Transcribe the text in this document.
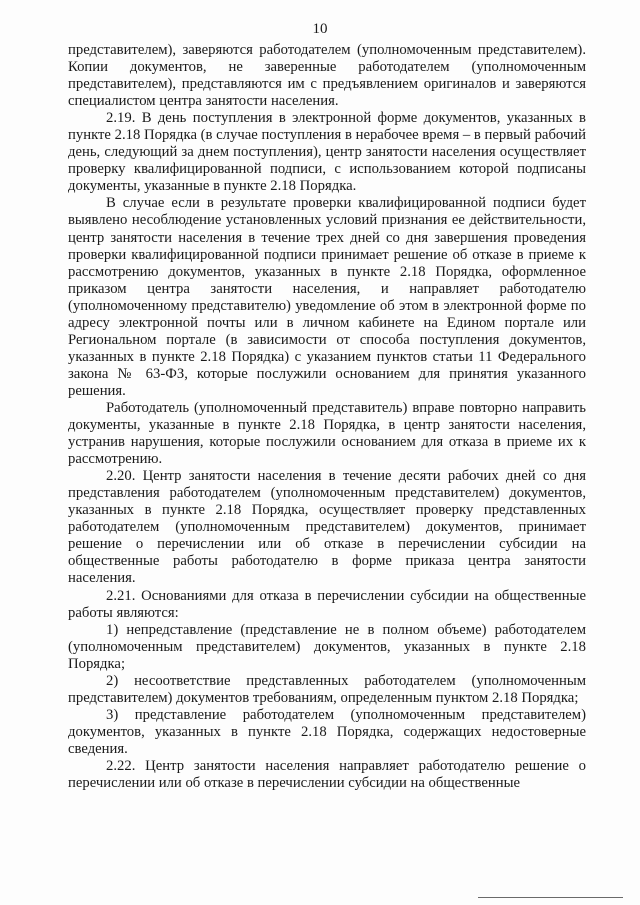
10

представителем), заверяются работодателем (уполномоченным представителем). Копии документов, не заверенные работодателем (уполномоченным представителем), представляются им с предъявлением оригиналов и заверяются специалистом центра занятости населения.

2.19. В день поступления в электронной форме документов, указанных в пункте 2.18 Порядка (в случае поступления в нерабочее время – в первый рабочий день, следующий за днем поступления), центр занятости населения осуществляет проверку квалифицированной подписи, с использованием которой подписаны документы, указанные в пункте 2.18 Порядка.

В случае если в результате проверки квалифицированной подписи будет выявлено несоблюдение установленных условий признания ее действительности, центр занятости населения в течение трех дней со дня завершения проведения проверки квалифицированной подписи принимает решение об отказе в приеме к рассмотрению документов, указанных в пункте 2.18 Порядка, оформленное приказом центра занятости населения, и направляет работодателю (уполномоченному представителю) уведомление об этом в электронной форме по адресу электронной почты или в личном кабинете на Едином портале или Региональном портале (в зависимости от способа поступления документов, указанных в пункте 2.18 Порядка) с указанием пунктов статьи 11 Федерального закона № 63-ФЗ, которые послужили основанием для принятия указанного решения.

Работодатель (уполномоченный представитель) вправе повторно направить документы, указанные в пункте 2.18 Порядка, в центр занятости населения, устранив нарушения, которые послужили основанием для отказа в приеме их к рассмотрению.

2.20. Центр занятости населения в течение десяти рабочих дней со дня представления работодателем (уполномоченным представителем) документов, указанных в пункте 2.18 Порядка, осуществляет проверку представленных работодателем (уполномоченным представителем) документов, принимает решение о перечислении или об отказе в перечислении субсидии на общественные работы работодателю в форме приказа центра занятости населения.

2.21. Основаниями для отказа в перечислении субсидии на общественные работы являются:

1) непредставление (представление не в полном объеме) работодателем (уполномоченным представителем) документов, указанных в пункте 2.18 Порядка;

2) несоответствие представленных работодателем (уполномоченным представителем) документов требованиям, определенным пунктом 2.18 Порядка;

3) представление работодателем (уполномоченным представителем) документов, указанных в пункте 2.18 Порядка, содержащих недостоверные сведения.

2.22. Центр занятости населения направляет работодателю решение о перечислении или об отказе в перечислении субсидии на общественные
